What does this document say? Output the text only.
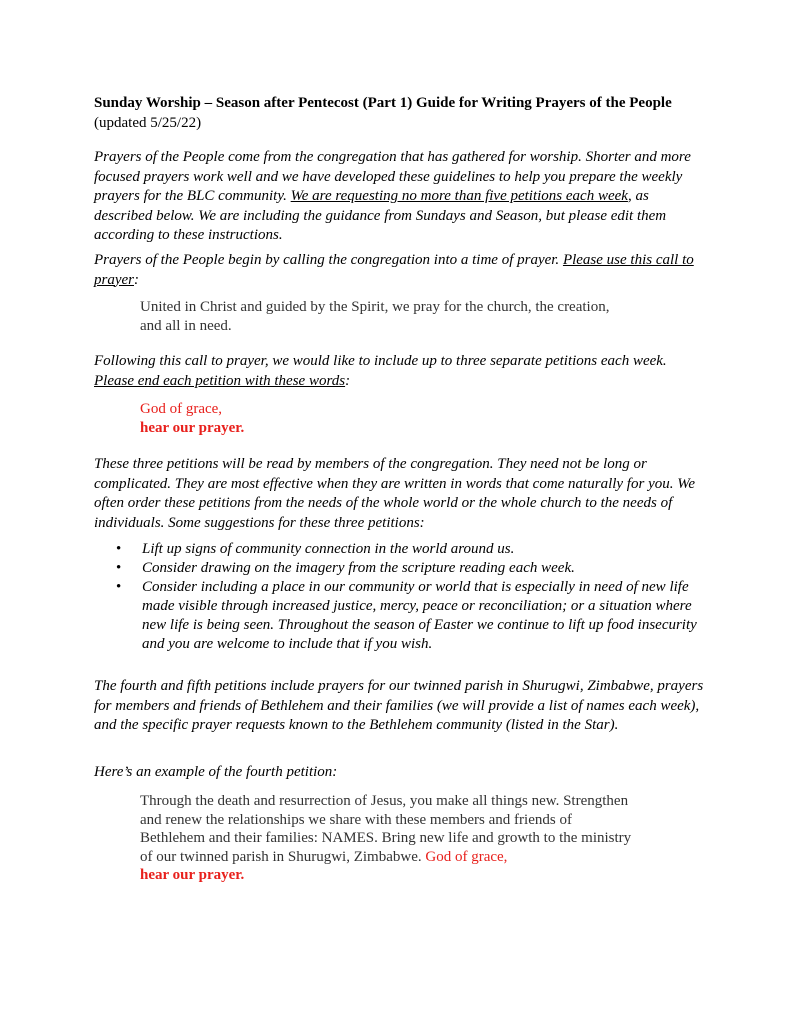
Sunday Worship – Season after Pentecost (Part 1) Guide for Writing Prayers of the People
(updated 5/25/22)
Prayers of the People come from the congregation that has gathered for worship. Shorter and more focused prayers work well and we have developed these guidelines to help you prepare the weekly prayers for the BLC community. We are requesting no more than five petitions each week, as described below. We are including the guidance from Sundays and Season, but please edit them according to these instructions.
Prayers of the People begin by calling the congregation into a time of prayer. Please use this call to prayer:
United in Christ and guided by the Spirit, we pray for the church, the creation,
and all in need.
Following this call to prayer, we would like to include up to three separate petitions each week. Please end each petition with these words:
God of grace,
hear our prayer.
These three petitions will be read by members of the congregation. They need not be long or complicated. They are most effective when they are written in words that come naturally for you. We often order these petitions from the needs of the whole world or the whole church to the needs of individuals. Some suggestions for these three petitions:
• Lift up signs of community connection in the world around us.
• Consider drawing on the imagery from the scripture reading each week.
• Consider including a place in our community or world that is especially in need of new life made visible through increased justice, mercy, peace or reconciliation; or a situation where new life is being seen. Throughout the season of Easter we continue to lift up food insecurity and you are welcome to include that if you wish.
The fourth and fifth petitions include prayers for our twinned parish in Shurugwi, Zimbabwe, prayers for members and friends of Bethlehem and their families (we will provide a list of names each week), and the specific prayer requests known to the Bethlehem community (listed in the Star).
Here’s an example of the fourth petition:
Through the death and resurrection of Jesus, you make all things new. Strengthen
and renew the relationships we share with these members and friends of
Bethlehem and their families: NAMES. Bring new life and growth to the ministry
of our twinned parish in Shurugwi, Zimbabwe. God of grace,
hear our prayer.
